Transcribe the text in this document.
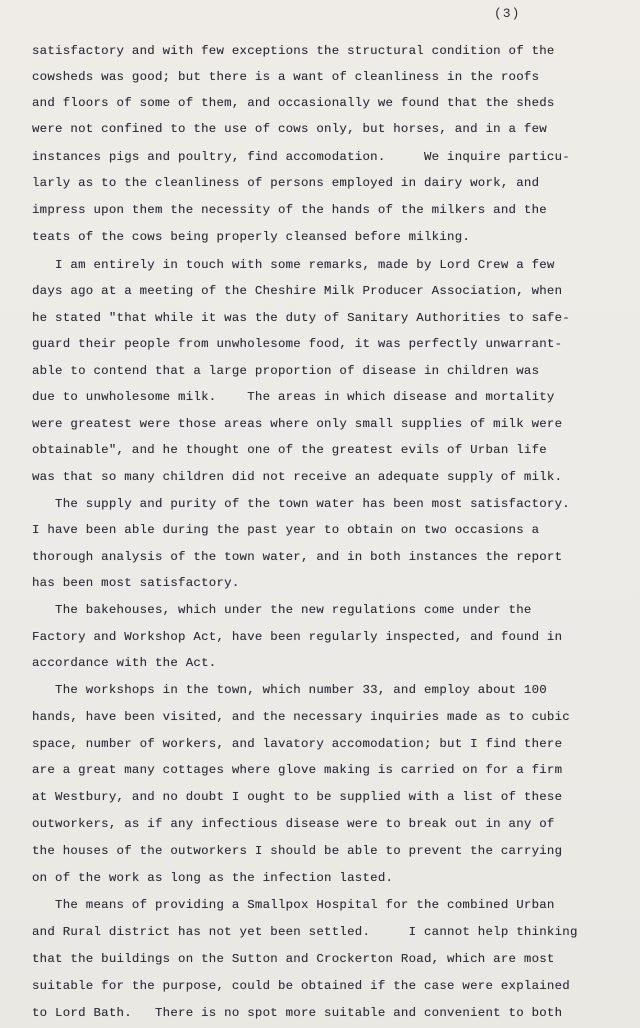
(3)
satisfactory and with few exceptions the structural condition of the
cowsheds was good; but there is a want of cleanliness in the roofs
and floors of some of them, and occasionally we found that the sheds
were not confined to the use of cows only, but horses, and in a few
instances pigs and poultry, find accomodation.     We inquire particu-
larly as to the cleanliness of persons employed in dairy work, and
impress upon them the necessity of the hands of the milkers and the
teats of the cows being properly cleansed before milking.
I am entirely in touch with some remarks, made by Lord Crew a few
days ago at a meeting of the Cheshire Milk Producer Association, when
he stated "that while it was the duty of Sanitary Authorities to safe-
guard their people from unwholesome food, it was perfectly unwarrant-
able to contend that a large proportion of disease in children was
due to unwholesome milk.    The areas in which disease and mortality
were greatest were those areas where only small supplies of milk were
obtainable", and he thought one of the greatest evils of Urban life
was that so many children did not receive an adequate supply of milk.
The supply and purity of the town water has been most satisfactory.
I have been able during the past year to obtain on two occasions a
thorough analysis of the town water, and in both instances the report
has been most satisfactory.
The bakehouses, which under the new regulations come under the
Factory and Workshop Act, have been regularly inspected, and found in
accordance with the Act.
The workshops in the town, which number 33, and employ about 100
hands, have been visited, and the necessary inquiries made as to cubic
space, number of workers, and lavatory accomodation; but I find there
are a great many cottages where glove making is carried on for a firm
at Westbury, and no doubt I ought to be supplied with a list of these
outworkers, as if any infectious disease were to break out in any of
the houses of the outworkers I should be able to prevent the carrying
on of the work as long as the infection lasted.
The means of providing a Smallpox Hospital for the combined Urban
and Rural district has not yet been settled.     I cannot help thinking
that the buildings on the Sutton and Crockerton Road, which are most
suitable for the purpose, could be obtained if the case were explained
to Lord Bath.   There is no spot more suitable and convenient to both
